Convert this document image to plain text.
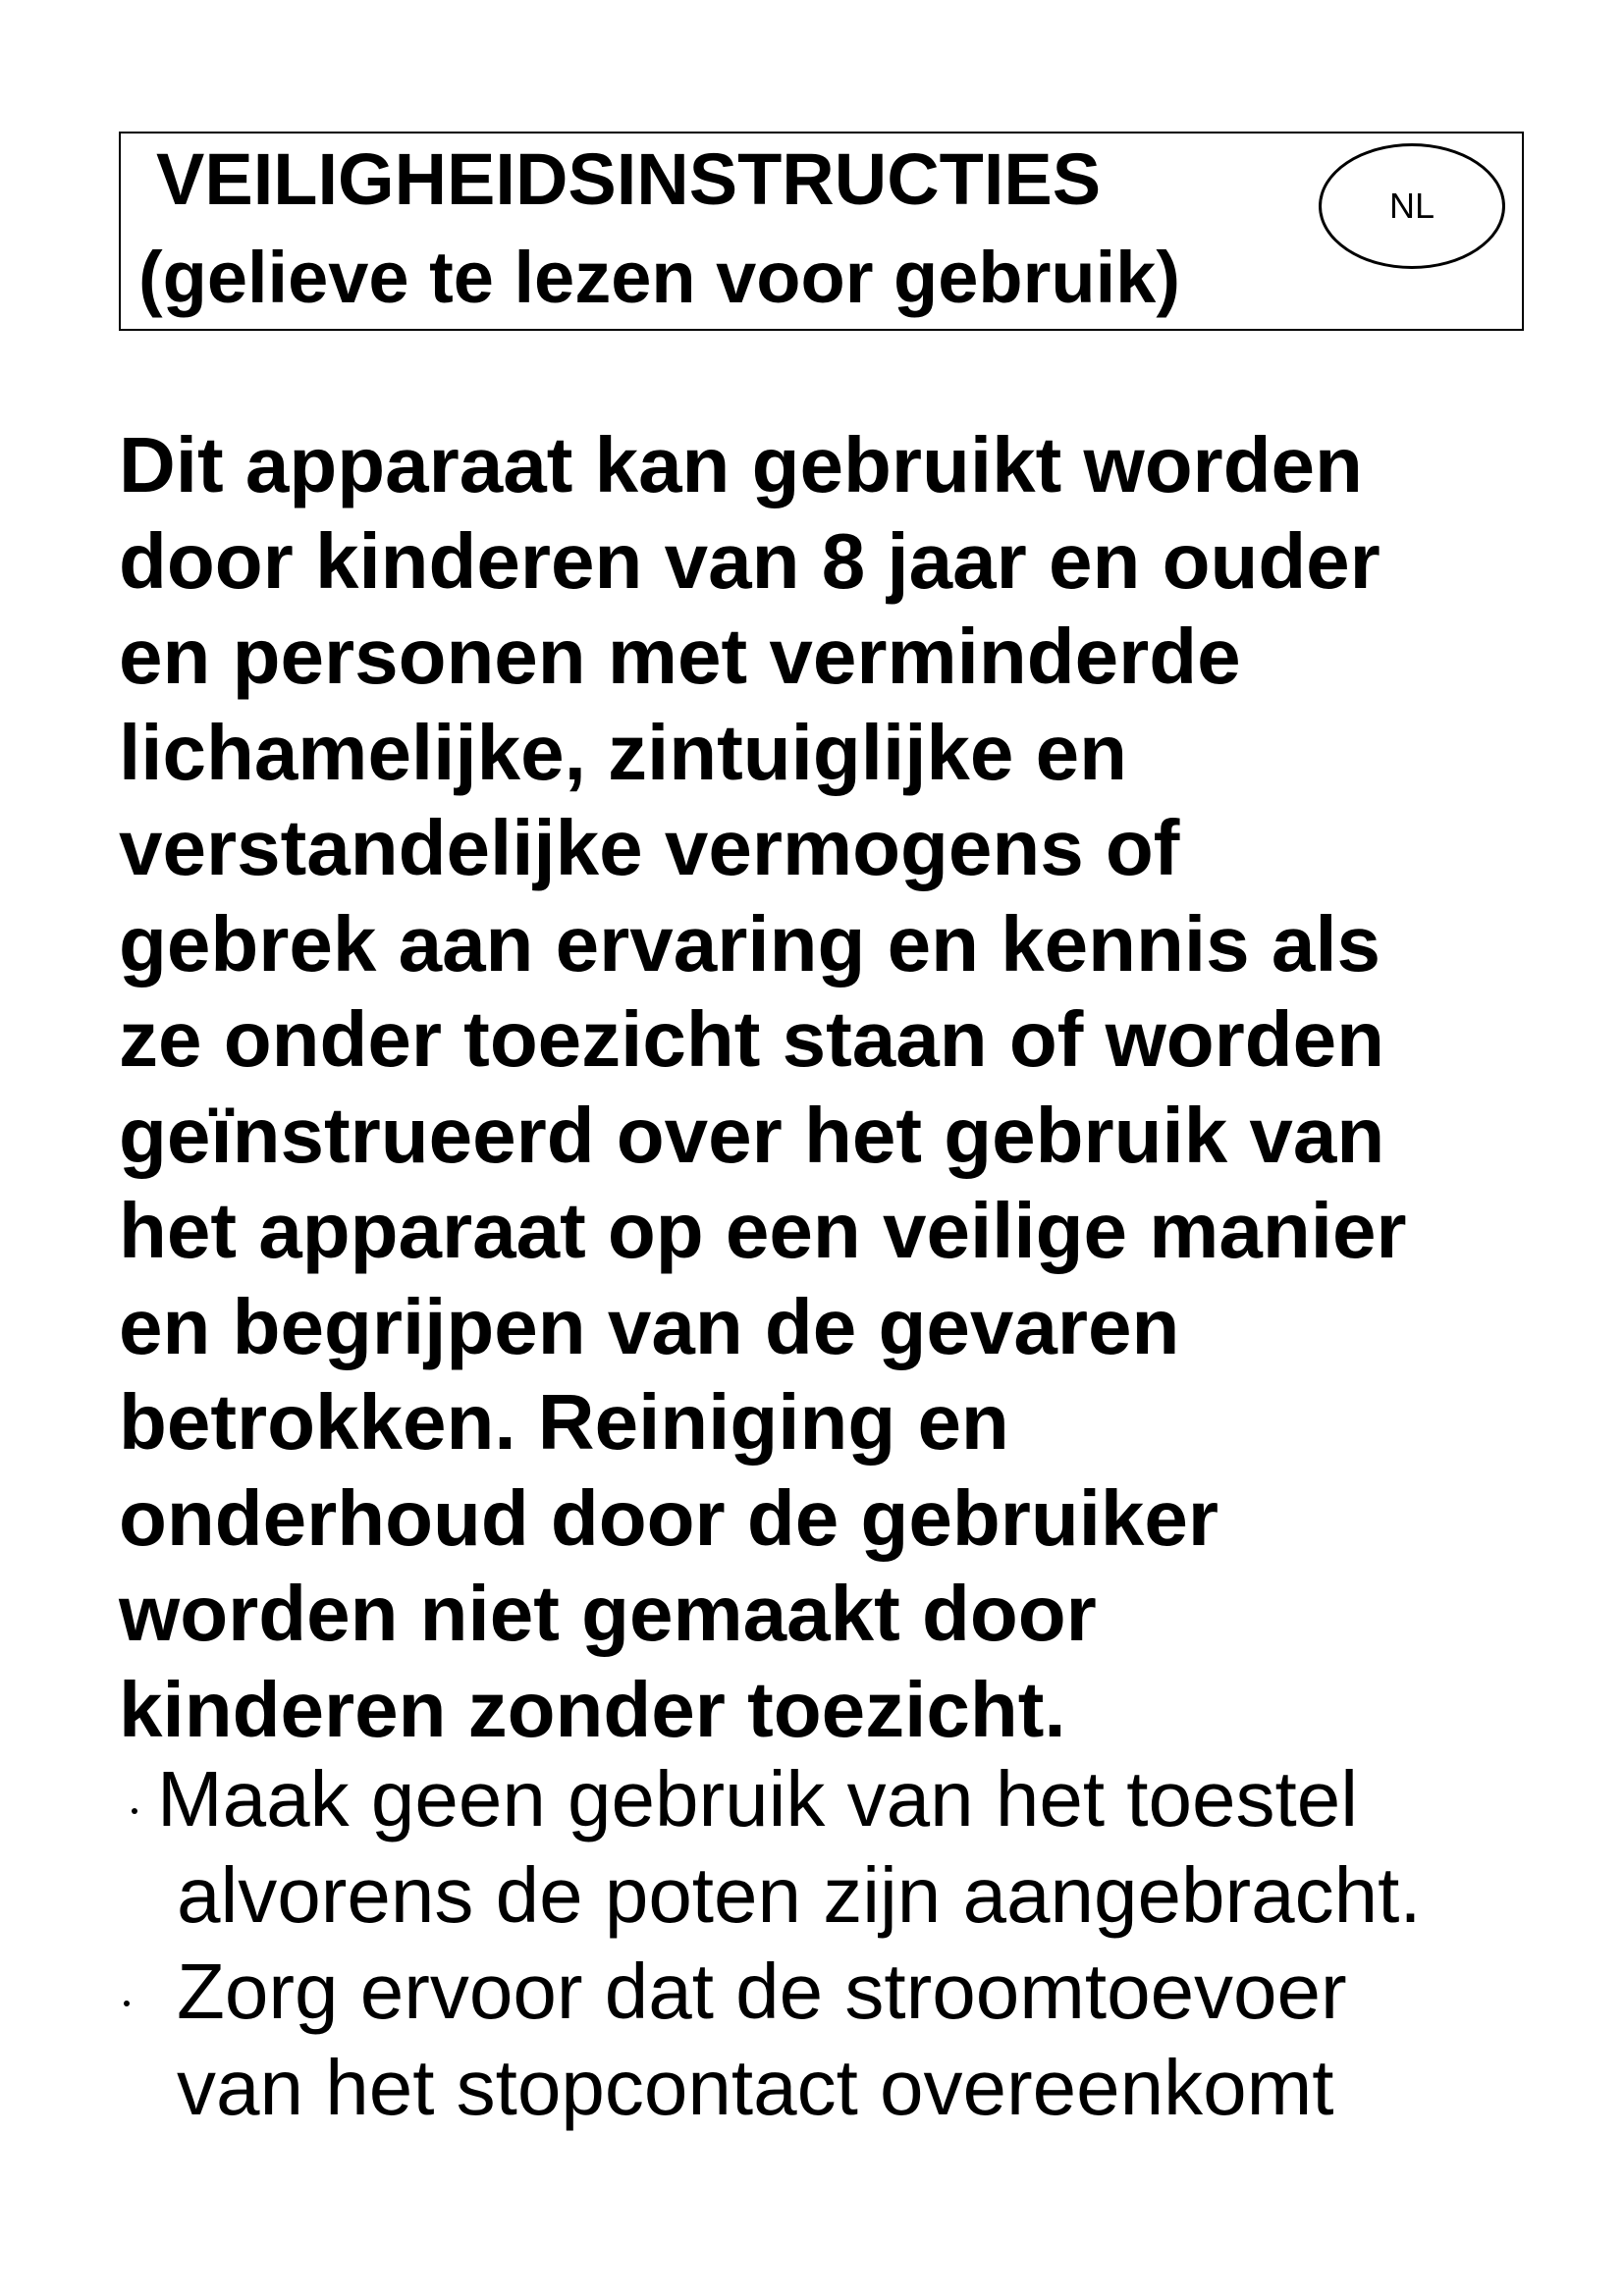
VEILIGHEIDSINSTRUCTIES
(gelieve te lezen voor gebruik)
NL

Dit apparaat kan gebruikt worden
door kinderen van 8 jaar en ouder
en personen met verminderde
lichamelijke, zintuiglijke en
verstandelijke vermogens of
gebrek aan ervaring en kennis als
ze onder toezicht staan of worden
geïnstrueerd over het gebruik van
het apparaat op een veilige manier
en begrijpen van de gevaren
betrokken. Reiniging en
onderhoud door de gebruiker
worden niet gemaakt door
kinderen zonder toezicht.

Maak geen gebruik van het toestel
alvorens de poten zijn aangebracht.
Zorg ervoor dat de stroomtoevoer
van het stopcontact overeenkomt
